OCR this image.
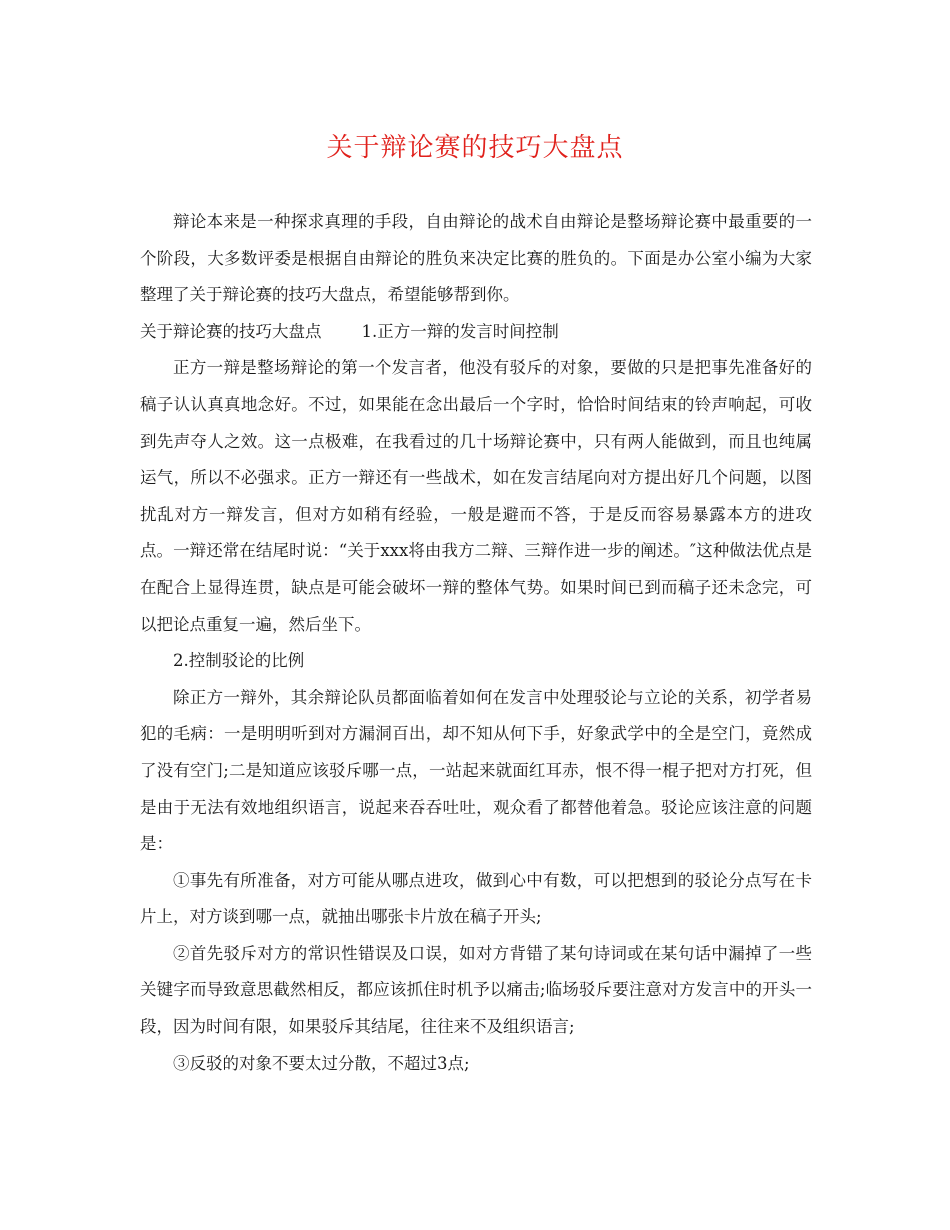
关于辩论赛的技巧大盘点

辩论本来是一种探求真理的手段，自由辩论的战术自由辩论是整场辩论赛中最重要的一个阶段，大多数评委是根据自由辩论的胜负来决定比赛的胜负的。下面是办公室小编为大家整理了关于辩论赛的技巧大盘点，希望能够帮到你。

关于辩论赛的技巧大盘点 1.正方一辩的发言时间控制

正方一辩是整场辩论的第一个发言者，他没有驳斥的对象，要做的只是把事先准备好的稿子认认真真地念好。不过，如果能在念出最后一个字时，恰恰时间结束的铃声响起，可收到先声夺人之效。这一点极难，在我看过的几十场辩论赛中，只有两人能做到，而且也纯属运气，所以不必强求。正方一辩还有一些战术，如在发言结尾向对方提出好几个问题，以图扰乱对方一辩发言，但对方如稍有经验，一般是避而不答，于是反而容易暴露本方的进攻点。一辩还常在结尾时说：“关于xxx将由我方二辩、三辩作进一步的阐述。″这种做法优点是在配合上显得连贯，缺点是可能会破坏一辩的整体气势。如果时间已到而稿子还未念完，可以把论点重复一遍，然后坐下。

2.控制驳论的比例

除正方一辩外，其余辩论队员都面临着如何在发言中处理驳论与立论的关系，初学者易犯的毛病：一是明明听到对方漏洞百出，却不知从何下手，好象武学中的全是空门，竟然成了没有空门;二是知道应该驳斥哪一点，一站起来就面红耳赤，恨不得一棍子把对方打死，但是由于无法有效地组织语言，说起来吞吞吐吐，观众看了都替他着急。驳论应该注意的问题是：

①事先有所准备，对方可能从哪点进攻，做到心中有数，可以把想到的驳论分点写在卡片上，对方谈到哪一点，就抽出哪张卡片放在稿子开头;

②首先驳斥对方的常识性错误及口误，如对方背错了某句诗词或在某句话中漏掉了一些关键字而导致意思截然相反，都应该抓住时机予以痛击;临场驳斥要注意对方发言中的开头一段，因为时间有限，如果驳斥其结尾，往往来不及组织语言;

③反驳的对象不要太过分散，不超过3点;
